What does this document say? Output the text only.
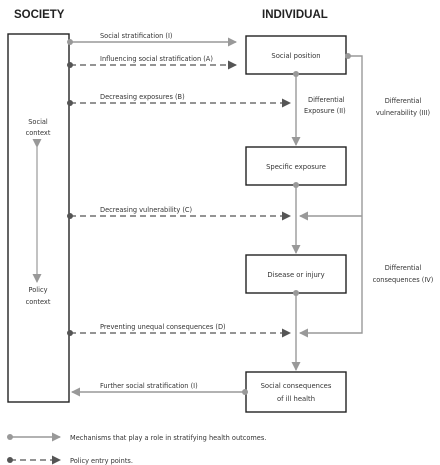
SOCIETY	INDIVIDUAL
Social
context
Policy
context
Social position
Specific exposure
Disease or injury
Social consequences
of ill health
Differential
Exposure (II)
Differential
vulnerability (III)
Differential
consequences (IV)
Social stratification (I)
Influencing social stratification (A)
Decreasing exposures (B)
Decreasing vulnerability (C)
Preventing unequal consequences (D)
Further social stratification (I)
Mechanisms that play a role in stratifying health outcomes.
Policy entry points.
